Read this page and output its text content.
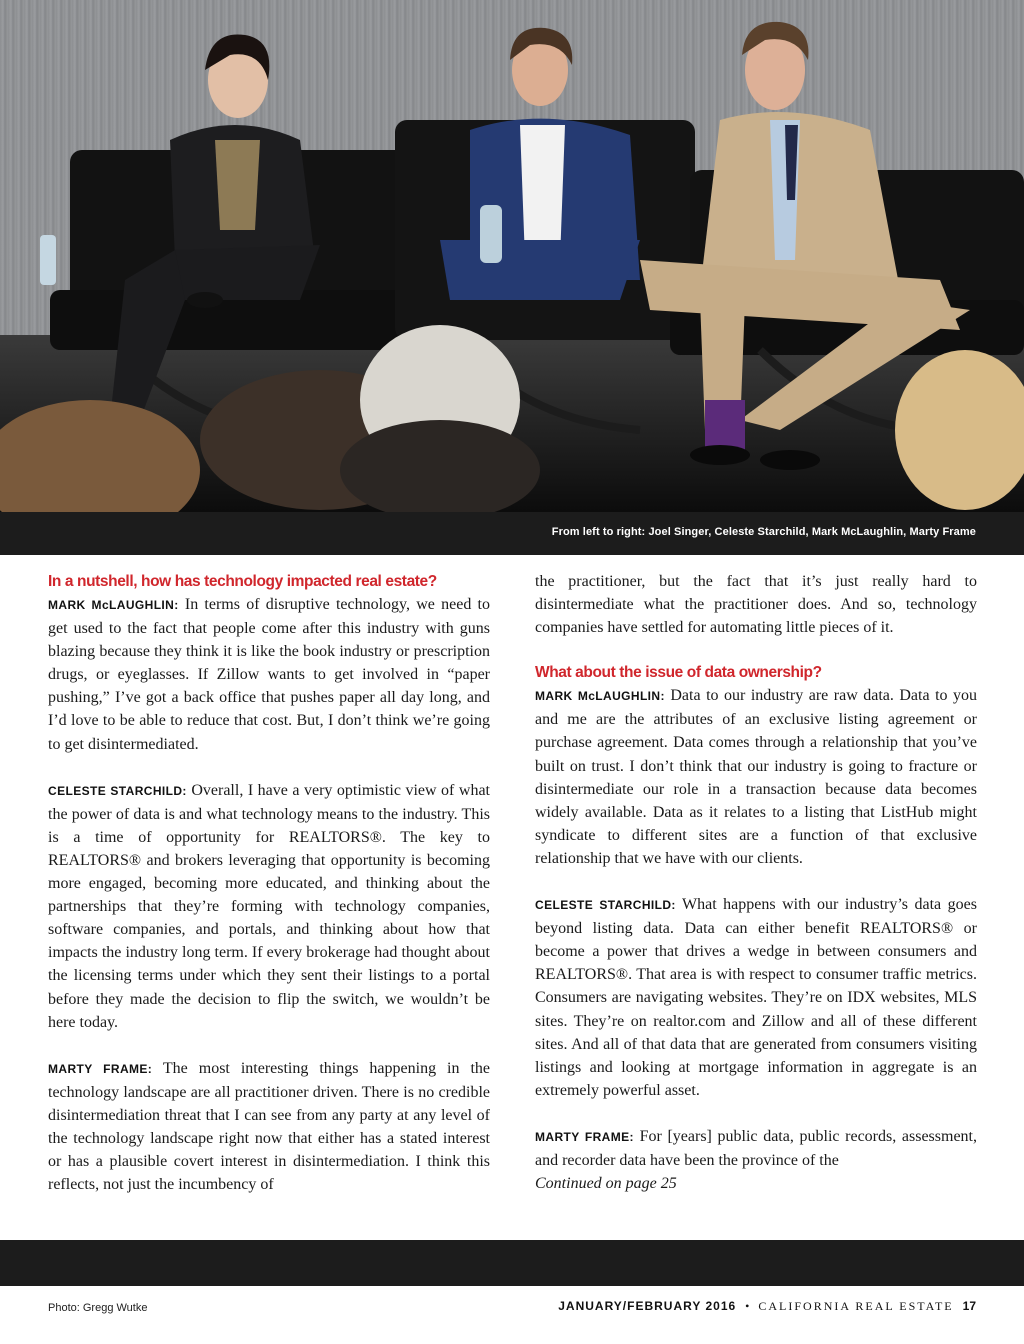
From left to right: Joel Singer, Celeste Starchild, Mark McLaughlin, Marty Frame
In a nutshell, how has technology impacted real estate?

MARK McLAUGHLIN: In terms of disruptive technology, we need to get used to the fact that people come after this industry with guns blazing because they think it is like the book industry or prescription drugs, or eyeglasses. If Zillow wants to get involved in “paper pushing,” I’ve got a back office that pushes paper all day long, and I’d love to be able to reduce that cost. But, I don’t think we’re going to get disintermediated.

CELESTE STARCHILD: Overall, I have a very optimistic view of what the power of data is and what technology means to the industry. This is a time of opportunity for REALTORS®. The key to REALTORS® and brokers leveraging that opportunity is becoming more engaged, becoming more educated, and thinking about the partnerships that they’re forming with technology companies, software companies, and portals, and thinking about how that impacts the industry long term. If every brokerage had thought about the licensing terms under which they sent their listings to a portal before they made the decision to flip the switch, we wouldn’t be here today.

MARTY FRAME: The most interesting things happening in the technology landscape are all practitioner driven. There is no credible disintermediation threat that I can see from any party at any level of the technology landscape right now that either has a stated interest or has a plausible covert interest in disintermediation. I think this reflects, not just the incumbency of

the practitioner, but the fact that it’s just really hard to disintermediate what the practitioner does. And so, technology companies have settled for automating little pieces of it.

What about the issue of data ownership?

MARK McLAUGHLIN: Data to our industry are raw data. Data to you and me are the attributes of an exclusive listing agreement or purchase agreement. Data comes through a relationship that you’ve built on trust. I don’t think that our industry is going to fracture or disintermediate our role in a transaction because data becomes widely available. Data as it relates to a listing that ListHub might syndicate to different sites are a function of that exclusive relationship that we have with our clients.

CELESTE STARCHILD: What happens with our industry’s data goes beyond listing data. Data can either benefit REALTORS® or become a power that drives a wedge in between consumers and REALTORS®. That area is with respect to consumer traffic metrics. Consumers are navigating websites. They’re on IDX websites, MLS sites. They’re on realtor.com and Zillow and all of these different sites. And all of that data that are generated from consumers visiting listings and looking at mortgage information in aggregate is an extremely powerful asset.

MARTY FRAME: For [years] public data, public records, assessment, and recorder data have been the province of the

Continued on page 25

Photo: Gregg Wutke	JANUARY/FEBRUARY 2016 • CALIFORNIA REAL ESTATE 17
